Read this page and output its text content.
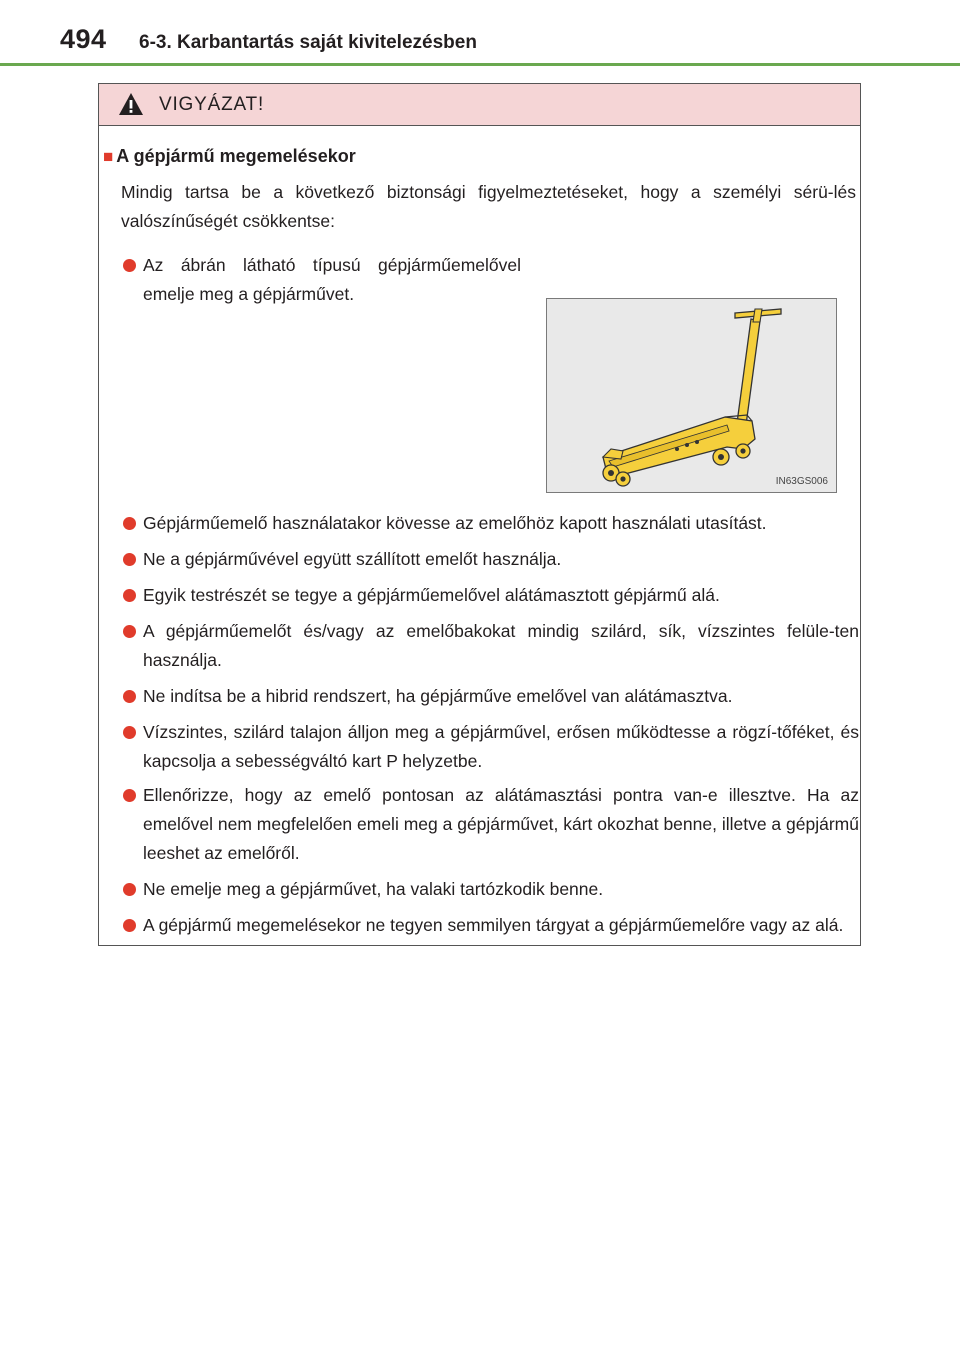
494 6-3. Karbantartás saját kivitelezésben
VIGYÁZAT!
■ A gépjármű megemelésekor
Mindig tartsa be a következő biztonsági figyelmeztetéseket, hogy a személyi sérü-lés valószínűségét csökkentse:
Az ábrán látható típusú gépjárműemelővel emelje meg a gépjárművet.
IN63GS006
Gépjárműemelő használatakor kövesse az emelőhöz kapott használati utasítást.
Ne a gépjárművével együtt szállított emelőt használja.
Egyik testrészét se tegye a gépjárműemelővel alátámasztott gépjármű alá.
A gépjárműemelőt és/vagy az emelőbakokat mindig szilárd, sík, vízszintes felüle-ten használja.
Ne indítsa be a hibrid rendszert, ha gépjárműve emelővel van alátámasztva.
Vízszintes, szilárd talajon álljon meg a gépjárművel, erősen működtesse a rögzí-tőféket, és kapcsolja a sebességváltó kart P helyzetbe.
Ellenőrizze, hogy az emelő pontosan az alátámasztási pontra van-e illesztve. Ha az emelővel nem megfelelően emeli meg a gépjárművet, kárt okozhat benne, illetve a gépjármű leeshet az emelőről.
Ne emelje meg a gépjárművet, ha valaki tartózkodik benne.
A gépjármű megemelésekor ne tegyen semmilyen tárgyat a gépjárműemelőre vagy az alá.
